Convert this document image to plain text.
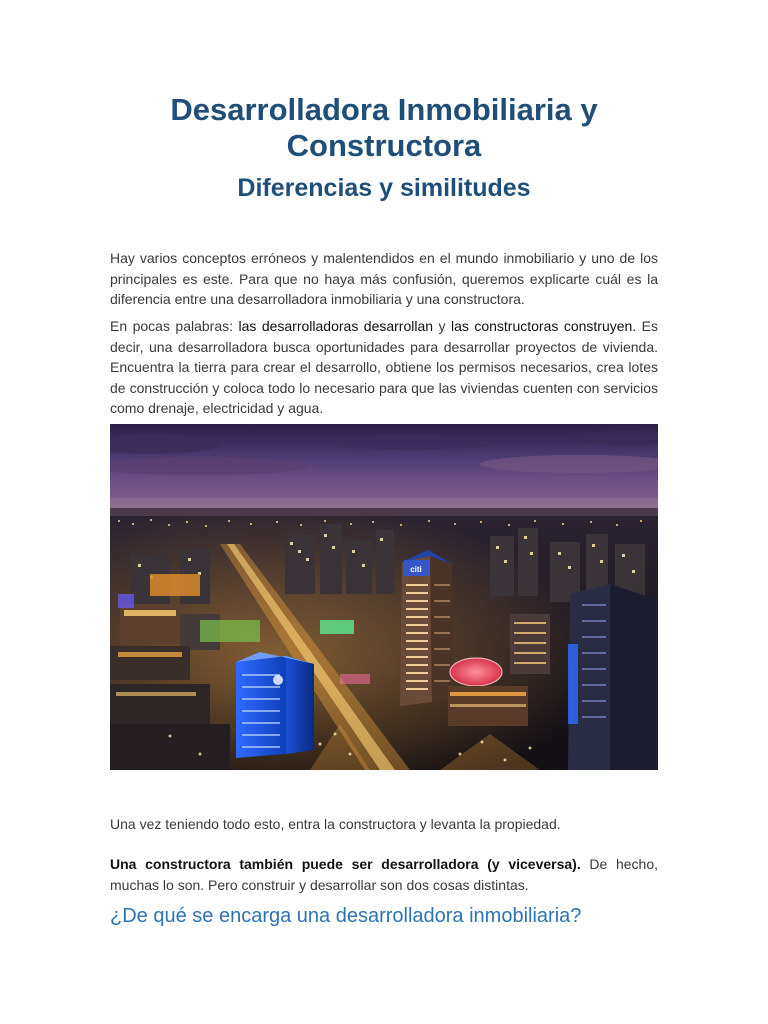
Desarrolladora Inmobiliaria y Constructora
Diferencias y similitudes

Hay varios conceptos erróneos y malentendidos en el mundo inmobiliario y uno de los principales es este. Para que no haya más confusión, queremos explicarte cuál es la diferencia entre una desarrolladora inmobiliaria y una constructora.

En pocas palabras: las desarrolladoras desarrollan y las constructoras construyen. Es decir, una desarrolladora busca oportunidades para desarrollar proyectos de vivienda. Encuentra la tierra para crear el desarrollo, obtiene los permisos necesarios, crea lotes de construcción y coloca todo lo necesario para que las viviendas cuenten con servicios como drenaje, electricidad y agua.

citi

Una vez teniendo todo esto, entra la constructora y levanta la propiedad.

Una constructora también puede ser desarrolladora (y viceversa). De hecho, muchas lo son. Pero construir y desarrollar son dos cosas distintas.

¿De qué se encarga una desarrolladora inmobiliaria?
